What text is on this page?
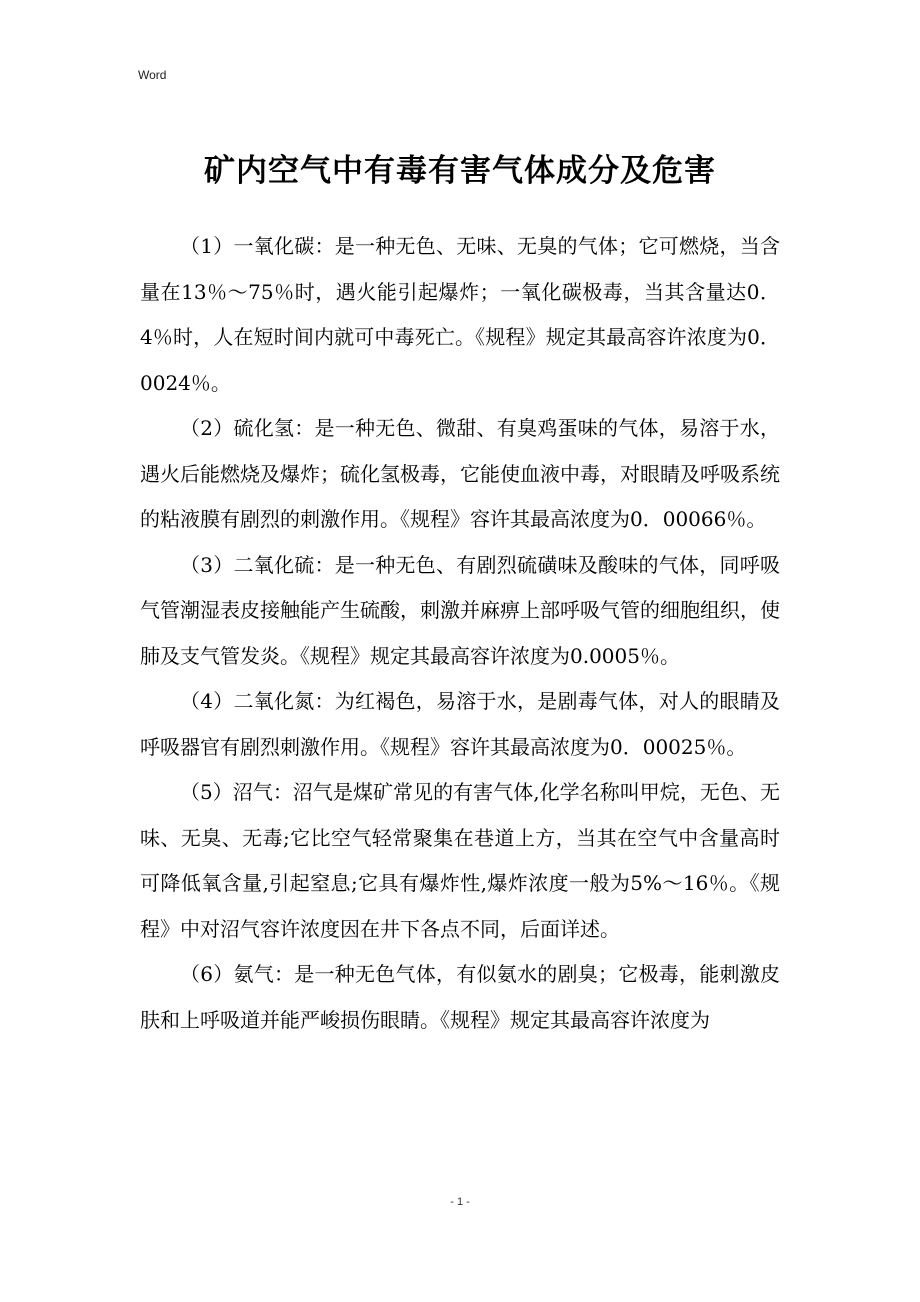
Word
矿内空气中有毒有害气体成分及危害

（1）一氧化碳：是一种无色、无味、无臭的气体；它可燃烧，当含量在13％～75％时，遇火能引起爆炸；一氧化碳极毒，当其含量达0．4％时，人在短时间内就可中毒死亡。《规程》规定其最高容许浓度为0．0024％。

（2）硫化氢：是一种无色、微甜、有臭鸡蛋味的气体，易溶于水，遇火后能燃烧及爆炸；硫化氢极毒，它能使血液中毒，对眼睛及呼吸系统的粘液膜有剧烈的刺激作用。《规程》容许其最高浓度为0．00066％。

（3）二氧化硫：是一种无色、有剧烈硫磺味及酸味的气体，同呼吸气管潮湿表皮接触能产生硫酸，刺激并麻痹上部呼吸气管的细胞组织，使肺及支气管发炎。《规程》规定其最高容许浓度为0.0005％。

（4）二氧化氮：为红褐色，易溶于水，是剧毒气体，对人的眼睛及呼吸器官有剧烈刺激作用。《规程》容许其最高浓度为0．00025％。

（5）沼气：沼气是煤矿常见的有害气体,化学名称叫甲烷，无色、无味、无臭、无毒;它比空气轻常聚集在巷道上方，当其在空气中含量高时可降低氧含量,引起窒息;它具有爆炸性,爆炸浓度一般为5%～16％。《规程》中对沼气容许浓度因在井下各点不同，后面详述。

（6）氨气：是一种无色气体，有似氨水的剧臭；它极毒，能刺激皮肤和上呼吸道并能严峻损伤眼睛。《规程》规定其最高容许浓度为

- 1 -
